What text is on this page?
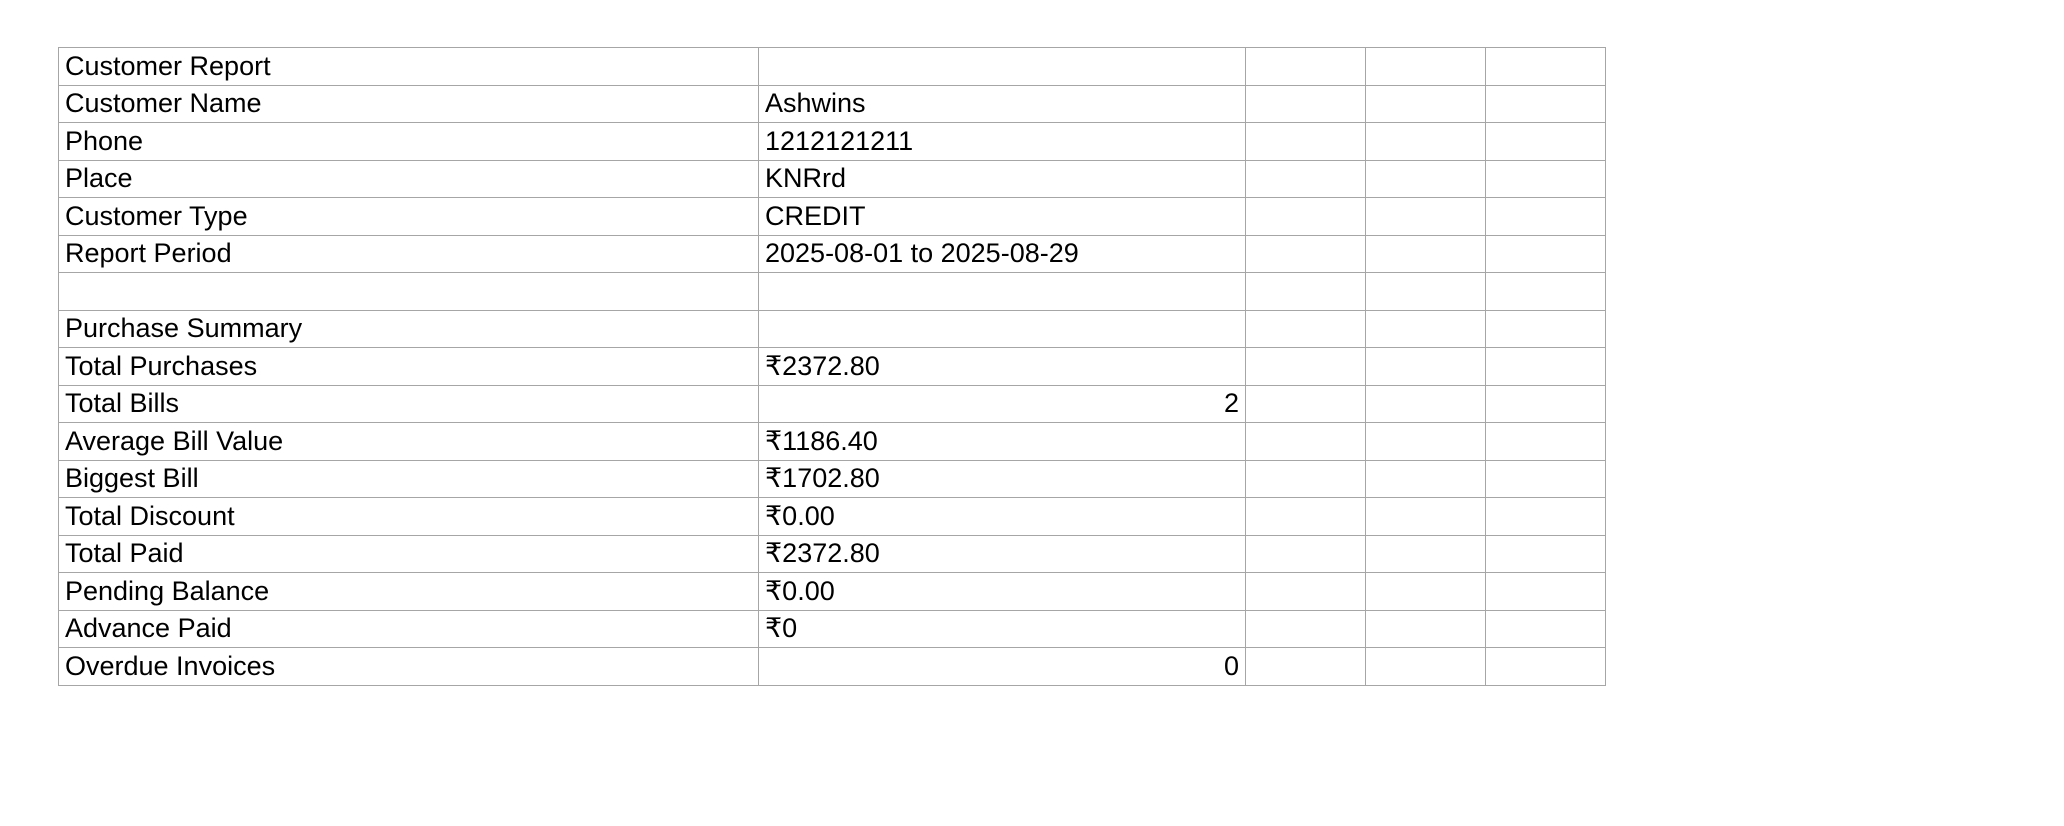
Customer Report				
Customer Name	Ashwins			
Phone	1212121211			
Place	KNRrd			
Customer Type	CREDIT			
Report Period	2025-08-01 to 2025-08-29			

Purchase Summary				
Total Purchases	₹2372.80			
Total Bills	2			
Average Bill Value	₹1186.40			
Biggest Bill	₹1702.80			
Total Discount	₹0.00			
Total Paid	₹2372.80			
Pending Balance	₹0.00			
Advance Paid	₹0			
Overdue Invoices	0			
